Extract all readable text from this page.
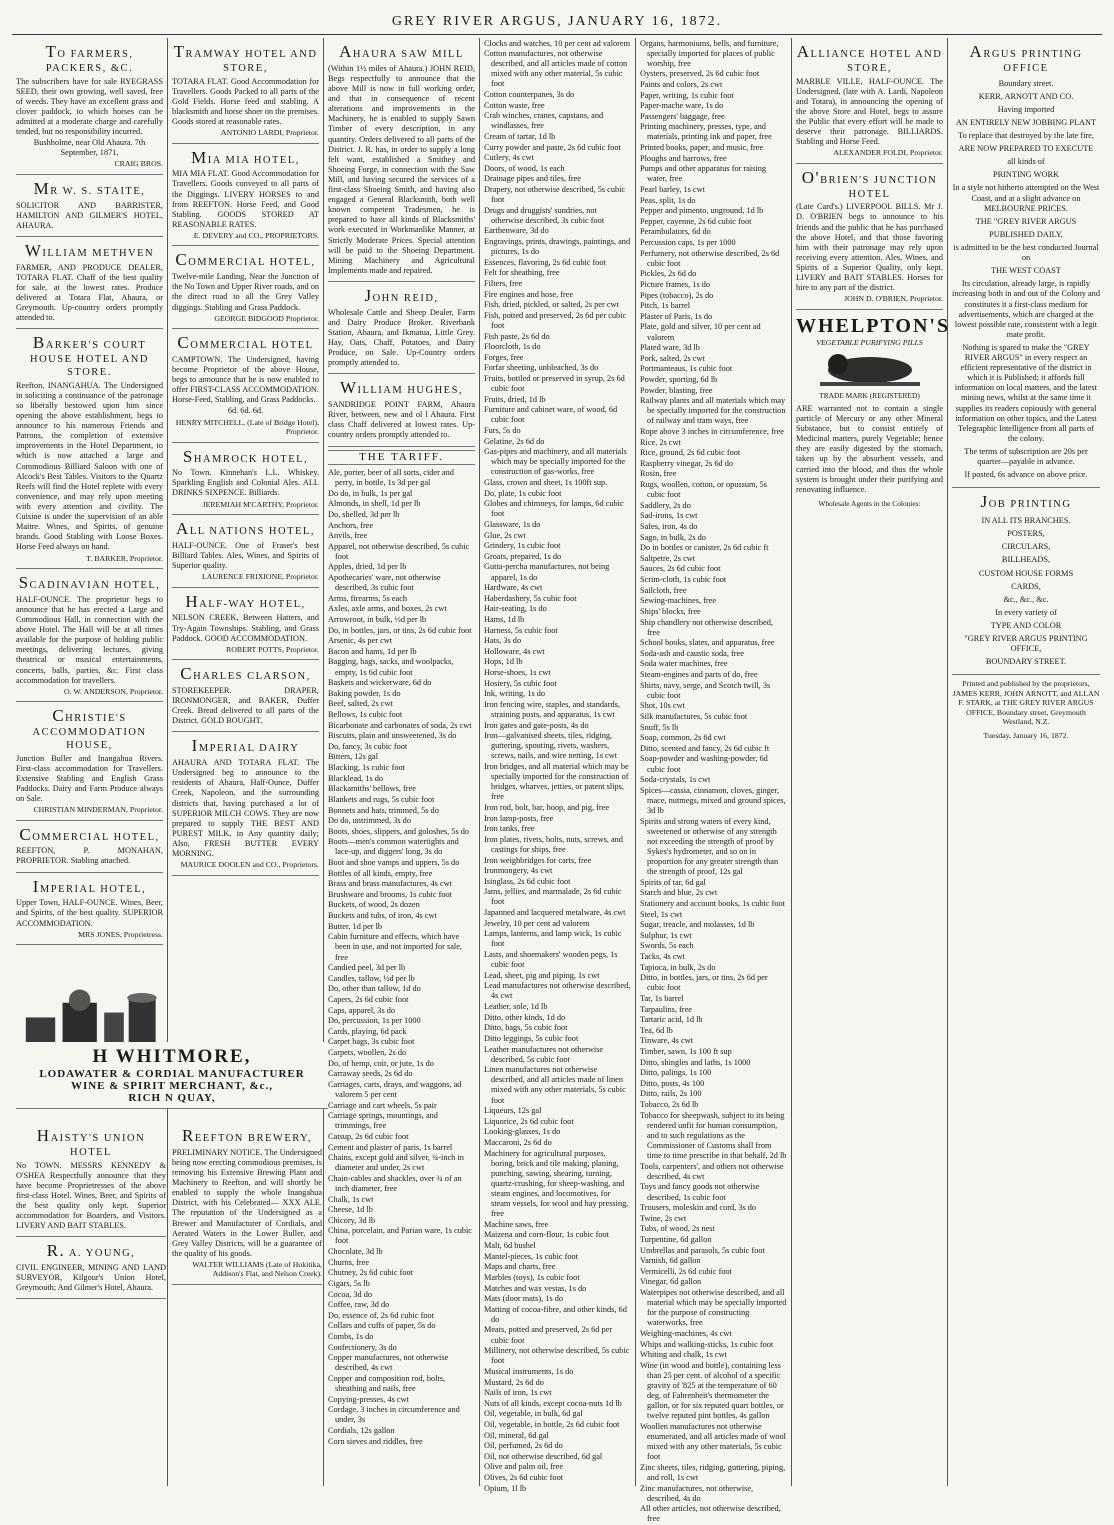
GREY RIVER ARGUS, JANUARY 16, 1872.

TO FARMERS, PACKERS, &C.

The subscribers have for sale RYEGRASS SEED, their own growing, well saved, free of weeds. They have an excellent grass and clover paddock, to which horses can be admitted at a moderate charge and carefully tended, but no responsibility incurred.

Bushholme, near Old Ahaura. 7th September, 1871.

CRAIG BROS.

MR W. S. STAITE,

SOLICITOR AND BARRISTER, HAMILTON AND GILMER'S HOTEL, AHAURA.

WILLIAM METHVEN

FARMER, AND PRODUCE DEALER, TOTARA FLAT. Chaff of the best quality for sale, at the lowest rates. Produce delivered at Totara Flat, Ahaura, or Greymouth. Up-country orders promptly attended to.

BARKER'S COURT HOUSE HOTEL AND STORE.

Reefton, INANGAHUA. The Undersigned in soliciting a continuance of the patronage so liberally bestowed upon him since opening the above establishment, begs to announce to his numerous Friends and Patrons, the completion of extensive improvements in the Hotel Department, to which is now attached a large and Commodious Billiard Saloon with one of Alcock's Best Tables. Visitors to the Quartz Reefs will find the Hotel replete with every convenience, and may rely upon meeting with every attention and civility. The Cuisine is under the supervision of an able Maitre. Wines, and Spirits, of genuine brands. Good Stabling with Loose Boxes. Horse Feed always on hand.

T. BARKER, Proprietor.

SCADINAVIAN HOTEL,

HALF-OUNCE. The proprietor begs to announce that he has erected a Large and Commodious Hall, in connection with the above Hotel. The Hall will be at all times available for the purpose of holding public meetings, delivering lectures, giving theatrical or musical entertainments, concerts, balls, parties, &c. First class accommodation for travellers.

O. W. ANDERSON, Proprietor.

CHRISTIE'S ACCOMMODATION HOUSE,

Junction Buller and Inangahua Rivers. First-class accommodation for Travellers. Extensive Stabling and English Grass Paddocks. Dairy and Farm Produce always on Sale.

CHRISTIAN MINDERMAN, Proprietor.

COMMERCIAL HOTEL,

REEFTON, P. MONAHAN, PROPRIETOR. Stabling attached.

IMPERIAL HOTEL,

Upper Town, HALF-OUNCE. Wines, Beer, and Spirits, of the best quality. SUPERIOR ACCOMMODATION.

MRS JONES, Proprietress.

TRAMWAY HOTEL AND STORE,

TOTARA FLAT. Good Accommodation for Travellers. Goods Packed to all parts of the Gold Fields. Horse feed and stabling. A blacksmith and horse shoer on the premises. Goods stored at reasonable rates.

ANTONIO LARDI, Proprietor.

MIA MIA HOTEL,

MIA MIA FLAT. Good Accommodation for Travellers. Goods conveyed to all parts of the Diggings. LIVERY HORSES to and from REEFTON. Horse Feed, and Good Stabling. GOODS STORED AT REASONABLE RATES.

E. DEVERY and CO., PROPRIETORS.

COMMERCIAL HOTEL,

Twelve-mile Landing, Near the Junction of the No Town and Upper River roads, and on the direct road to all the Grey Valley diggings. Stabling and Grass Paddock.

GEORGE BIDGOOD Proprietor.

COMMERCIAL HOTEL

CAMPTOWN. The Undersigned, having become Proprietor of the above House, begs to announce that he is now enabled to offer FIRST-CLASS ACCOMMODATION. Horse-Feed, Stabling, and Grass Paddocks.

6d. 6d. 6d.

HENRY MITCHELL, (Late of Bridge Hotel), Proprietor.

SHAMROCK HOTEL,

No Town. Kinnehan's L.L. Whiskey. Sparkling English and Colonial Ales. ALL DRINKS SIXPENCE. Billiards.

JEREMIAH M'CARTHY, Proprietor.

ALL NATIONS HOTEL,

HALF-OUNCE. One of Fraser's best Billiard Tables. Ales, Wines, and Spirits of Superior quality.

LAURENCE FRIXIONE, Proprietor.

HALF-WAY HOTEL,

NELSON CREEK, Between Hatters, and Try-Again Townships. Stabling, and Grass Paddock. GOOD ACCOMMODATION.

ROBERT POTTS, Proprietor.

CHARLES CLARSON,

STOREKEEPER. DRAPER, IRONMONGER, and BAKER, Duffer Creek. Bread delivered to all parts of the District. GOLD BOUGHT.

IMPERIAL DAIRY

AHAURA AND TOTARA FLAT. The Undersigned beg to announce to the residents of Ahaura, Half-Ounce, Duffer Creek, Napoleon, and the surrounding districts that, having purchased a lot of SUPERIOR MILCH COWS. They are now prepared to supply THE BEST AND PUREST MILK, in Any quantity daily; Also, FRESH BUTTER EVERY MORNING.

MAURICE DOOLEN and CO., Proprietors.

AHAURA SAW MILL

(Within 1½ miles of Ahaura.) JOHN REID, Begs respectfully to announce that the above Mill is now in full working order, and that in consequence of recent alterations and improvements in the Machinery, he is enabled to supply Sawn Timber of every description, in any quantity. Orders delivered to all parts of the District. J. R. has, in order to supply a long felt want, established a Smithey and Shoeing Forge, in connection with the Saw Mill, and having secured the services of a first-class Shoeing Smith, and having also engaged a General Blacksmith, both well known competent Tradesmen, he is prepared to have all kinds of Blacksmiths' work executed in Workmanlike Manner, at Strictly Moderate Prices. Special attention will be paid to the Shoeing Department. Mining Machinery and Agricultural Implements made and repaired.

JOHN REID,

Wholesale Cattle and Sheep Dealer, Farm and Dairy Produce Broker. Riverbank Station, Ahaura, and Ikmatua, Little Grey. Hay, Oats, Chaff, Potatoes, and Dairy Produce, on Sale. Up-Country orders promptly attended to.

WILLIAM HUGHES,

SANDRIDGE POINT FARM, Ahaura River, between, new and ol l Ahaura. First class Chaff delivered at lowest rates. Up-country orders promptly attended to.

THE TARIFF.

Ale, porter, beer of all sorts, cider and perry, in bottle, 1s 3d per gal

Do do, in bulk, 1s per gal

Almonds, in shell, 1d per lb

Do, shelled, 3d per lb

Anchors, free

Anvils, free

Apparel, not otherwise described, 5s cubic foot

Apples, dried, 1d per lb

Apothecaries' ware, not otherwise described, 3s cubic foot

Arms, firearms, 5s each

Axles, axle arms, and boxes, 2s cwt

Arrowroot, in bulk, ½d per lb

Do, in bottles, jars, or tins, 2s 6d cubic foot

Arsenic, 4s per cwt

Bacon and hams, 1d per lb

Bagging, bags, sacks, and woolpacks, empty, 1s 6d cubic foot

Baskets and wickerware, 6d do

Baking powder, 1s do

Beef, salted, 2s cwt

Bellows, 1s cubic foot

Bicarbonate and carbonates of soda, 2s cwt

Biscuits, plain and unsweetened, 3s do

Do, fancy, 3s cubic foot

Bitters, 12s gal

Blacking, 1s cubic foot

Blacklead, 1s do

Blackamiths' bellows, free

Blankets and rugs, 5s cubic foot

Bonnets and hats, trimmed, 5s do

Do do, untrimmed, 3s do

Boots, shoes, slippers, and goloshes, 5s do

Boots—men's common watertights and lace-up, and diggers' long, 3s do

Boot and shoe vamps and uppers, 5s do

Bottles of all kinds, empty, free

Brass and brass manufactures, 4s cwt

Brushware and brooms, 1s cubic foot

Buckets, of wood, 2s dozen

Buckets and tubs, of iron, 4s cwt

Butter, 1d per lb

Cabin furniture and effects, which have been in use, and not imported for sale, free

Candied peel, 3d per lb

Candles, tallow, ½d per lb

Do, other than tallow, 1d do

Capers, 2s 6d cubic foot

Caps, apparel, 3s do

Do, percussion, 1s per 1000

Cards, playing, 6d pack

Carpet bags, 3s cubic foot

Carpets, woollen, 2s do

Do, of hemp, coir, or jute, 1s do

Carraway seeds, 2s 6d do

Carriages, carts, drays, and waggons, ad valorem 5 per cent

Carriage and cart wheels, 5s pair

Carriage springs, mountings, and trimmings, free

Catsup, 2s 6d cubic foot

Cement and plaster of paris, 1s barrel

Chains, except gold and silver, ¾-inch in diameter and under, 2s cwt

Chain-cables and shackles, over ¾ of an inch diameter, free

Chalk, 1s cwt

Cheese, 1d lb

Chicory, 3d lb

China, porcelain, and Parian ware, 1s cubic foot

Chocolate, 3d lb

Churns, free

Chutney, 2s 6d cubic foot

Cigars, 5s lb

Cocoa, 3d do

Coffee, raw, 3d do

Do, essence of, 2s 6d cubic foot

Collars and cuffs of paper, 5s do

Combs, 1s do

Confectionery, 3s do

Copper manufactures, not otherwise described, 4s cwt

Copper and composition rod, bolts, sheathing and nails, free

Copying-presses, 4s cwt

Cordage, 3 inches in circumference and under, 3s

Cordials, 12s gallon

Corn sieves and riddles, free

Clocks and watches, 10 per cent ad valorem

Cotton manufactures, not otherwise described, and all articles made of cotton mixed with any other material, 5s cubic foot

Cotton counterpanes, 3s do

Cotton waste, free

Crab winches, cranes, capstans, and windlasses, free

Cream of tartar, 1d lb

Curry powder and paste, 2s 6d cubic foot

Cutlery, 4s cwt

Doors, of wood, 1s each

Drainage pipes and tiles, free

Drapery, not otherwise described, 5s cubic foot

Drugs and druggists' sundries, not otherwise described, 3s cubic foot

Earthenware, 3d do

Engravings, prints, drawings, paintings, and pictures, 1s do

Essences, flavoring, 2s 6d cubic foot

Felt for sheathing, free

Filters, free

Fire engines and hose, free

Fish, dried, pickled, or salted, 2s per cwt

Fish, potted and preserved, 2s 6d per cubic foot

Fish paste, 2s 6d do

Floorcloth, 1s do

Forges, free

Forfar sheeting, unbleached, 3s do

Fruits, bottled or preserved in syrup, 2s 6d cubic foot

Fruits, dried, 1d lb

Furniture and cabinet ware, of wood, 6d cubic foot

Furs, 5s do

Gelatine, 2s 6d do

Gas-pipes and machinery, and all materials which may be specially imported for the construction of gas-works, free

Glass, crown and sheet, 1s 100ft sup.

Do, plate, 1s cubic foot

Globes and chimneys, for lamps, 6d cubic foot

Glassware, 1s do

Glue, 2s cwt

Grindery, 1s cubic foot

Groats, prepared, 1s do

Gutta-percha manufactures, not being apparel, 1s do

Hardware, 4s cwt

Haberdashery, 5s cubic foot

Hair-seating, 1s do

Hams, 1d lb

Harness, 5s cubic foot

Hats, 3s do

Holloware, 4s cwt

Hops, 1d lb

Horse-shoes, 1s cwt

Hosiery, 5s cubic foot

Ink, writing, 1s do

Iron fencing wire, staples, and standards, straining posts, and apparatus, 1s cwt

Iron gates and gate-posts, 4s do

Iron—galvanised sheets, tiles, ridging, guttering, spouting, rivets, washers, screws, nails, and wire netting, 1s cwt

Iron bridges, and all material which may be specially imported for the construction of bridges, wharves, jetties, or patent slips, free

Iron rod, bolt, bar, hoop, and pig, free

Iron lamp-posts, free

Iron tanks, free

Iron plates, rivets, bolts, nuts, screws, and castings for ships, free

Iron weighbridges for carts, free

Ironmongery, 4s cwt

Isinglass, 2s 6d cubic foot

Jams, jellies, and marmalade, 2s 6d cubic foot

Japanned and lacquered metalware, 4s cwt

Jewelry, 10 per cent ad valorem

Lamps, lanterns, and lamp wick, 1s cubic foot

Lasts, and shoemakers' wooden pegs, 1s cubic foot

Lead, sheet, pig and piping, 1s cwt

Lead manufactures not otherwise described, 4s cwt

Leather, sole, 1d lb

Ditto, other kinds, 1d do

Ditto, bags, 5s cubic foot

Ditto leggings, 5s cubic foot

Leather manufactures not otherwise described, 5s cubic foot

Linen manufactures not otherwise described, and all articles made of linen mixed with any other materials, 5s cubic foot

Liqueurs, 12s gal

Liquorice, 2s 6d cubic foot

Looking-glasses, 1s do

Maccaroni, 2s 6d do

Machinery for agricultural purposes, boring, brick and tile making, planing, punching, sawing, shearing, turning, quartz-crushing, for sheep-washing, and steam engines, and locomotives, for steam vessels, for wool and hay pressing, free

Machine saws, free

Maizena and corn-flour, 1s cubic foot

Malt, 6d bushel

Mantel-pieces, 1s cubic foot

Maps and charts, free

Marbles (toys), 1s cubic foot

Matches and wax vestas, 1s do

Mats (door mats), 1s do

Matting of cocoa-fibre, and other kinds, 6d do

Meats, potted and preserved, 2s 6d per cubic foot

Millinery, not otherwise described, 5s cubic foot

Musical instruments, 1s do

Mustard, 2s 6d do

Nails of iron, 1s cwt

Nuts of all kinds, except cocoa-nuts 1d lb

Oil, vegetable, in bulk, 6d gal

Oil, vegetable, in bottle, 2s 6d cubic foot

Oil, mineral, 6d gal

Oil, perfumed, 2s 6d do

Oil, not otherwise described, 6d gal

Olive and palm oil, free

Olives, 2s 6d cubic foot

Opium, 1l lb

Organs, harmoniums, bells, and furniture, specially imported for places of public worship, free

Oysters, preserved, 2s 6d cubic foot

Paints and colors, 2s cwt

Paper, writing, 1s cubic foot

Paper-mache ware, 1s do

Passengers' baggage, free

Printing machinery, presses, type, and materials, printing ink and paper, free

Printed books, paper, and music, free

Ploughs and harrows, free

Pumps and other apparatus for raising water, free

Pearl barley, 1s cwt

Peas, split, 1s do

Pepper and pimento, unground, 1d lb

Pepper, cayenne, 2s 6d cubic foot

Perambulators, 6d do

Percussion caps, 1s per 1000

Perfumery, not otherwise described, 2s 6d cubic foot

Pickles, 2s 6d do

Picture frames, 1s do

Pipes (tobacco), 2s do

Pitch, 1s barrel

Plaster of Paris, 1s do

Plate, gold and silver, 10 per cent ad valorem

Plated ware, 3d lb

Pork, salted, 2s cwt

Portmanteaus, 1s cubic foot

Powder, sporting, 6d lb

Powder, blasting, free

Railway plants and all materials which may be specially imported for the construction of railway and tram ways, free

Rope above 3 inches in circumference, free

Rice, 2s cwt

Rice, ground, 2s 6d cubic foot

Raspberry vinegar, 2s 6d do

Rosin, free

Rugs, woollen, cotton, or opussum, 5s cubic foot

Saddlery, 2s do

Sad-irons, 1s cwt

Safes, iron, 4s do

Sago, in bulk, 2s do

Do in bottles or canister, 2s 6d cubic ft

Saltpetre, 2s cwt

Sauces, 2s 6d cubic foot

Scrim-cloth, 1s cubic foot

Sailcloth, free

Sewing-machines, free

Ships' blocks, free

Ship chandlery not otherwise described, free

School books, slates, and apparatus, free

Soda-ash and caustic soda, free

Soda water machines, free

Steam-engines and parts of do, free

Shirts, navy, serge, and Scotch twill, 3s cubic foot

Shot, 10s cwt

Silk manufactures, 5s cubic foot

Snuff, 5s lb

Soap, common, 2s 6d cwt

Ditto, scented and fancy, 2s 6d cubic ft

Soap-powder and washing-powder, 6d cubic foot

Soda-crystals, 1s cwt

Spices—cassia, cinnamon, cloves, ginger, mace, nutmegs, mixed and ground spices, 3d lb

Spirits and strong waters of every kind, sweetened or otherwise of any strength not exceeding the strength of proof by Sykes's hydrometer, and so on in proportion for any greater strength than the strength of proof, 12s gal

Spirits of tar, 6d gal

Starch and blue, 2s cwt

Stationery and account books, 1s cubic foot

Steel, 1s cwt

Sugar, treacle, and molasses, 1d lb

Sulphur, 1s cwt

Swords, 5s each

Tacks, 4s cwt

Tapioca, in bulk, 2s do

Ditto, in bottles, jars, or tins, 2s 6d per cubic foot

Tar, 1s barrel

Tarpaulins, free

Tartaric acid, 1d lb

Tea, 6d lb

Tinware, 4s cwt

Timber, sawn, 1s 100 ft sup

Ditto, shingles and laths, 1s 1000

Ditto, palings, 1s 100

Ditto, posts, 4s 100

Ditto, rails, 2s 100

Tobacco, 2s 6d lb

Tobacco for sheepwash, subject to its being rendered unfit for human consumption, and to such regulations as the Commissioner of Customs shall from time to time prescribe in that behalf, 2d lb

Tools, carpenters', and others not otherwise described, 4s cwt

Toys and fancy goods not otherwise described, 1s cubic foot

Trousers, moleskin and cord, 3s do

Twine, 2s cwt

Tubs, of wood, 2s nest

Turpentine, 6d gallon

Umbrellas and parasols, 5s cubic foot

Varnish, 6d gallon

Vermicelli, 2s 6d cubic foot

Vinegar, 6d gallon

Waterpipes not otherwise described, and all material which may be specially imported for the purpose of constructing waterworks, free

Weighing-machines, 4s cwt

Whips and walking-sticks, 1s cubic foot

Whiting and chalk, 1s cwt

Wine (in wood and bottle), containing less than 25 per cent. of alcohol of a specific gravity of '825 at the temperature of 60 deg. of Fahrenheit's thermometer the gallon, or for six reputed quart bottles, or twelve reputed pint bottles, 4s gallon

Woollen manufactures not otherwise enumerated, and all articles made of wool mixed with any other materials, 5s cubic foot

Zinc sheets, tiles, ridging, guttering, piping, and roll, 1s cwt

Zinc manufactures, not otherwise, described, 4s do

All other articles, not otherwise described, free

ALLIANCE HOTEL AND STORE,

MARBLE VILLE, HALF-OUNCE. The Undersigned, (late with A. Lardi, Napoleon and Totara), in announcing the opening of the above Store and Hotel, begs to assure the Public that every effort will be made to deserve their patronage. BILLIARDS. Stabling and Horse Feed.

ALEXANDER FOLDI, Proprietor.

O'BRIEN'S JUNCTION HOTEL

(Late Card's.) LIVERPOOL BILLS. Mr J. D. O'BRIEN begs to announce to his friends and the public that he has purchased the above Hotel, and that those favoring him with their patronage may rely upon receiving every attention. Ales, Wines, and Spirits of a Superior Quality, only kept. LIVERY and BAIT STABLES. Horses for hire to any part of the district.

JOHN D. O'BRIEN, Proprietor.

WHELPTON'S
VEGETABLE PURIFYING PILLS
TRADE MARK (REGISTERED)

ARE warranted not to contain a single particle of Mercury or any other Mineral Substance, but to consist entirely of Medicinal matters, purely Vegetable; hence they are easily digested by the stomach, taken up by the absorbent vessels, and carried into the blood, and thus the whole system is brought under their purifying and renovating influence.

Wholesale Agents in the Colonies:

ARGUS PRINTING OFFICE

Boundary street.

KERR, ARNOTT AND CO.

Having imported

AN ENTIRELY NEW JOBBING PLANT

To replace that destroyed by the late fire,

ARE NOW PREPARED TO EXECUTE

all kinds of

PRINTING WORK

In a style not hitherto attempted on the West Coast, and at a slight advance on MELBOURNE PRICES.

THE "GREY RIVER ARGUS

PUBLISHED DAILY,

is admitted to be the best conducted Journal on

THE WEST COAST

Its circulation, already large, is rapidly increasing both in and out of the Colony and constitutes it a first-class medium for advertisements, which are charged at the lowest possible rate, consistent with a legit mate profit.

Nothing is spared to make the "GREY RIVER ARGUS" in every respect an efficient representative of the district in which it is Published; it affords full information on local matters, and the latest mining news, whilst at the same time it supplies its readers copiously with general information on other topics, and the Latest Telegraphic Intelligence from all parts of the colony.

The terms of subscription are 20s per quarter—payable in advance.

If posted, 6s advance on above price.

JOB PRINTING

IN ALL ITS BRANCHES.

POSTERS,

CIRCULARS,

BILLHEADS,

CUSTOM HOUSE FORMS

CARDS,

&c., &c., &c.

In every variety of

TYPE AND COLOR

"GREY RIVER ARGUS PRINTING OFFICE,

BOUNDARY STREET.

Printed and published by the proprietors, JAMES KERR, JOHN ARNOTT, and ALLAN F. STARK, at THE GREY RIVER ARGUS OFFICE, Boundary street, Greymouth Westland, N.Z.

Tuesday, January 16, 1872.

H WHITMORE,
LODAWATER & CORDIAL MANUFACTURER
WINE & SPIRIT MERCHANT, &c.,
RICH N QUAY,

HAISTY'S UNION HOTEL

No TOWN. MESSRS KENNEDY & O'SHEA Respectfully announce that they have become Proprietresses of the above first-class Hotel. Wines, Beer, and Spirits of the best quality only kept. Superior accommodation for Boarders, and Visitors. LIVERY AND BAIT STABLES.

R. A. YOUNG,

CIVIL ENGINEER, MINING AND LAND SURVEYOR, Kilgour's Union Hotel, Greymouth; And Gilmer's Hotel, Ahaura.

REEFTON BREWERY,

PRELIMINARY NOTICE. The Undersigned being now erecting commodious premises, is removing his Extensive Brewing Plant and Machinery to Reefton, and will shortly be enabled to supply the whole Inangahua District, with his Celebrated— XXX ALE. The reputation of the Undersigned as a Brewer and Manufacturer of Cordials, and Aerated Waters in the Lower Buller, and Grey Valley Districts, will be a guarantee of the quality of his goods.

WALTER WILLIAMS (Late of Hokitika, Addison's Flat, and Nelson Creek).
